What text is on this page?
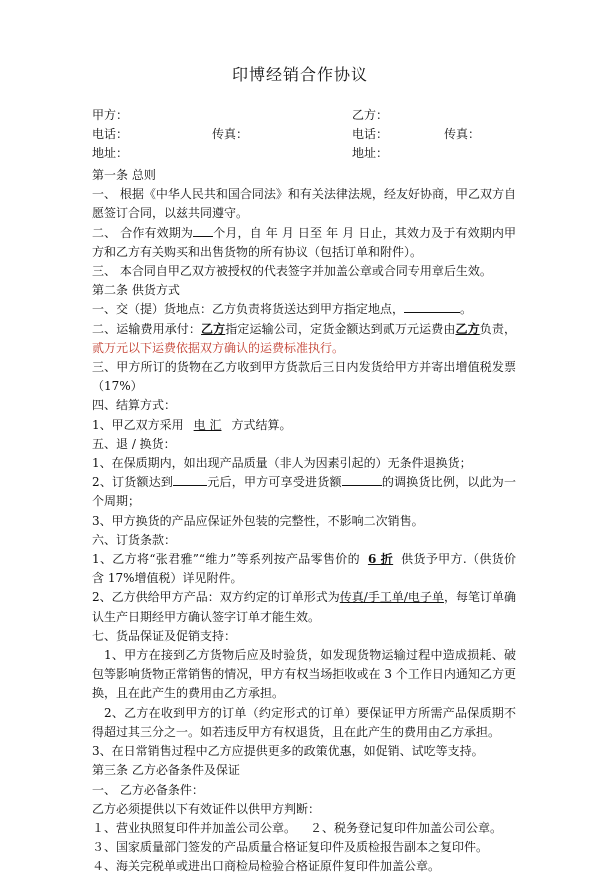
印博经销合作协议
甲方：	乙方：
电话：	传真：	电话：	传真：
地址：	地址：

第一条 总则

一、 根据《中华人民共和国合同法》和有关法律法规，经友好协商，甲乙双方自愿签订合同，以兹共同遵守。

二、 合作有效期为 个月，自 年 月 日至 年 月 日止，其效力及于有效期内甲方和乙方有关购买和出售货物的所有协议（包括订单和附件）。

三、 本合同自甲乙双方被授权的代表签字并加盖公章或合同专用章后生效。

第二条 供货方式

一、交（提）货地点：乙方负责将货送达到甲方指定地点，	。

二、运输费用承付：乙方指定运输公司，定货金额达到贰万元运费由乙方负责，贰万元以下运费依据双方确认的运费标准执行。

三、甲方所订的货物在乙方收到甲方货款后三日内发货给甲方并寄出增值税发票（17%）

四、结算方式：

1、甲乙双方采用 电 汇 方式结算。

五、退 / 换货：

1、在保质期内，如出现产品质量（非人为因素引起的）无条件退换货；

2、订货额达到	元后，甲方可享受进货额	的调换货比例，以此为一个周期；

3、甲方换货的产品应保证外包装的完整性，不影响二次销售。

六、订货条款：

1、乙方将“张君雅”“维力”等系列按产品零售价的 6 折 供货予甲方.（供货价含 17%增值税）详见附件。

2、乙方供给甲方产品：双方约定的订单形式为传真/手工单/电子单，每笔订单确认生产日期经甲方确认签字订单才能生效。

七、货品保证及促销支持：

1、甲方在接到乙方货物后应及时验货，如发现货物运输过程中造成损耗、破包等影响货物正常销售的情况，甲方有权当场拒收或在 3 个工作日内通知乙方更换，且在此产生的费用由乙方承担。

2、乙方在收到甲方的订单（约定形式的订单）要保证甲方所需产品保质期不得超过其三分之一。如若违反甲方有权退货，且在此产生的费用由乙方承担。

3、在日常销售过程中乙方应提供更多的政策优惠，如促销、试吃等支持。

第三条 乙方必备条件及保证

一、 乙方必备条件：

乙方必须提供以下有效证件以供甲方判断：

１、营业执照复印件并加盖公司公章。 ２、税务登记复印件加盖公司公章。

３、国家质量部门签发的产品质量合格证复印件及质检报告副本之复印件。

４、海关完税单或进出口商检局检验合格证原件复印件加盖公章。
